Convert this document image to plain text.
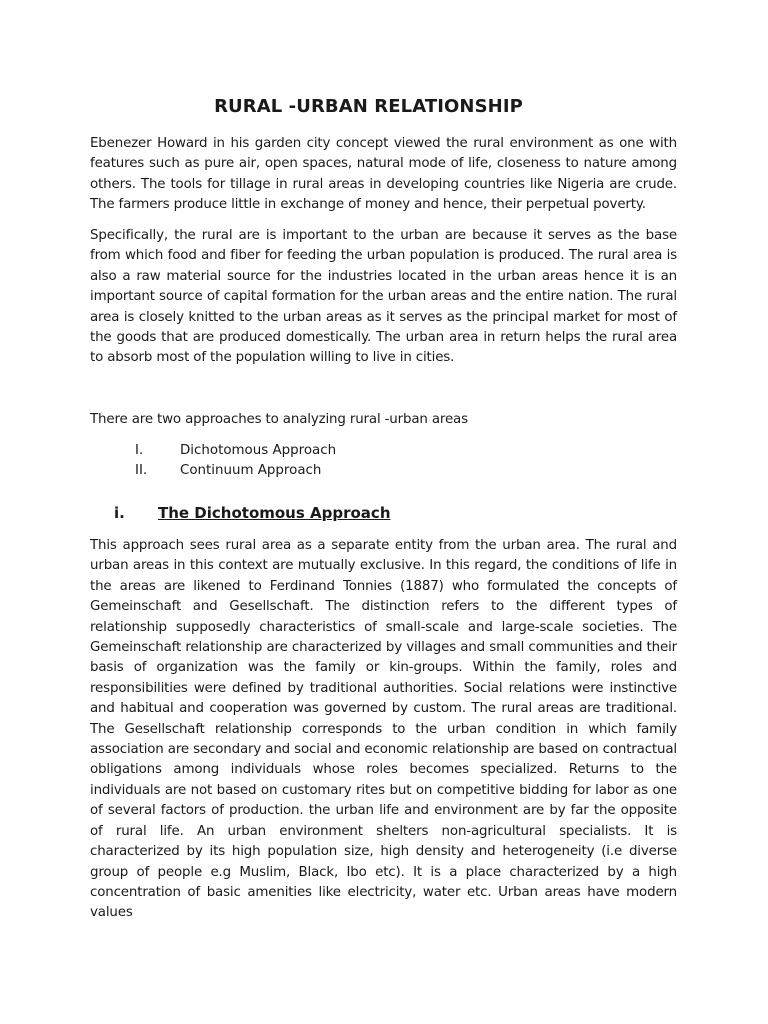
RURAL -URBAN RELATIONSHIP

Ebenezer Howard in his garden city concept viewed the rural environment as one with features such as pure air, open spaces, natural mode of life, closeness to nature among others. The tools for tillage in rural areas in developing countries like Nigeria are crude. The farmers produce little in exchange of money and hence, their perpetual poverty.

Specifically, the rural are is important to the urban are because it serves as the base from which food and fiber for feeding the urban population is produced. The rural area is also a raw material source for the industries located in the urban areas hence it is an important source of capital formation for the urban areas and the entire nation. The rural area is closely knitted to the urban areas as it serves as the principal market for most of the goods that are produced domestically. The urban area in return helps the rural area to absorb most of the population willing to live in cities.

There are two approaches to analyzing rural -urban areas

I.	Dichotomous Approach
II. Continuum Approach
i. The Dichotomous Approach

This approach sees rural area as a separate entity from the urban area. The rural and urban areas in this context are mutually exclusive. In this regard, the conditions of life in the areas are likened to Ferdinand Tonnies (1887) who formulated the concepts of Gemeinschaft and Gesellschaft. The distinction refers to the different types of relationship supposedly characteristics of small-scale and large-scale societies. The Gemeinschaft relationship are characterized by villages and small communities and their basis of organization was the family or kin-groups. Within the family, roles and responsibilities were defined by traditional authorities. Social relations were instinctive and habitual and cooperation was governed by custom. The rural areas are traditional. The Gesellschaft relationship corresponds to the urban condition in which family association are secondary and social and economic relationship are based on contractual obligations among individuals whose roles becomes specialized. Returns to the individuals are not based on customary rites but on competitive bidding for labor as one of several factors of production. the urban life and environment are by far the opposite of rural life. An urban environment shelters non-agricultural specialists. It is characterized by its high population size, high density and heterogeneity (i.e diverse group of people e.g Muslim, Black, Ibo etc). It is a place characterized by a high concentration of basic amenities like electricity, water etc. Urban areas have modern values
